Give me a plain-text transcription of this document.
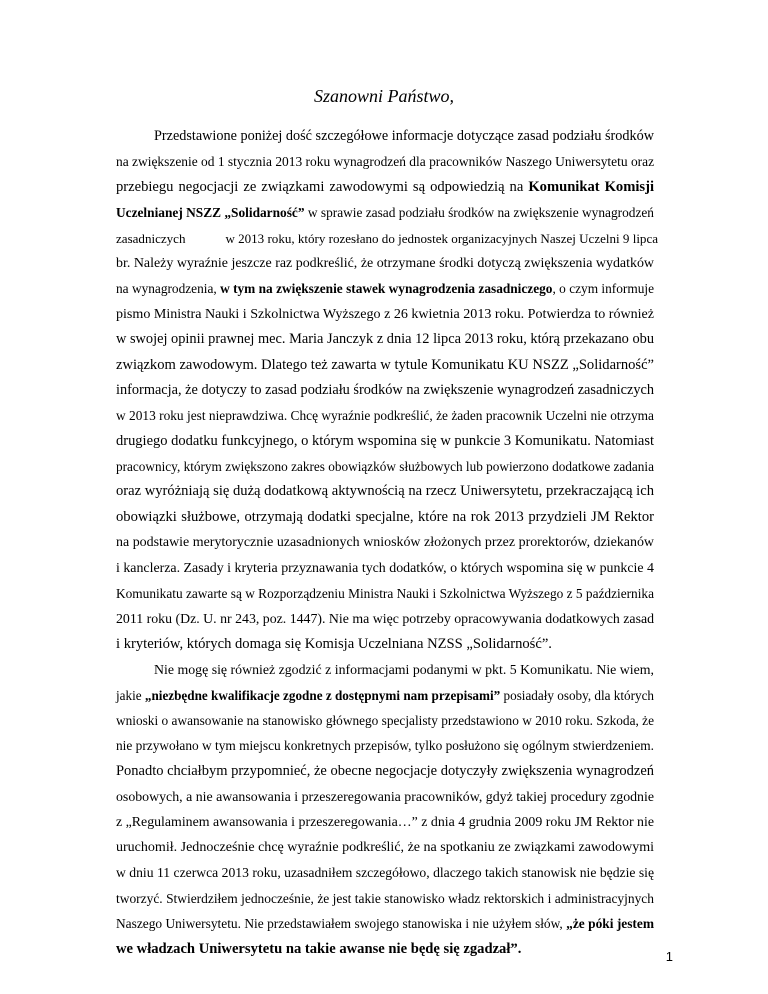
Szanowni Państwo,

Przedstawione poniżej dość szczegółowe informacje dotyczące zasad podziału środków
na zwiększenie od 1 stycznia 2013 roku wynagrodzeń dla pracowników Naszego Uniwersytetu oraz
przebiegu negocjacji ze związkami zawodowymi są odpowiedzią na Komunikat Komisji
Uczelnianej NSZZ „Solidarność” w sprawie zasad podziału środków na zwiększenie wynagrodzeń
zasadniczych	w 2013 roku, który rozesłano do jednostek organizacyjnych Naszej Uczelni 9 lipca
br. Należy wyraźnie jeszcze raz podkreślić, że otrzymane środki dotyczą zwiększenia wydatków
na wynagrodzenia, w tym na zwiększenie stawek wynagrodzenia zasadniczego, o czym informuje
pismo Ministra Nauki i Szkolnictwa Wyższego z 26 kwietnia 2013 roku. Potwierdza to również
w swojej opinii prawnej mec. Maria Janczyk z dnia 12 lipca 2013 roku, którą przekazano obu
związkom zawodowym. Dlatego też zawarta w tytule Komunikatu KU NSZZ „Solidarność”
informacja, że dotyczy to zasad podziału środków na zwiększenie wynagrodzeń zasadniczych
w 2013 roku jest nieprawdziwa. Chcę wyraźnie podkreślić, że żaden pracownik Uczelni nie otrzyma
drugiego dodatku funkcyjnego, o którym wspomina się w punkcie 3 Komunikatu. Natomiast
pracownicy, którym zwiększono zakres obowiązków służbowych lub powierzono dodatkowe zadania
oraz wyróżniają się dużą dodatkową aktywnością na rzecz Uniwersytetu, przekraczającą ich
obowiązki służbowe, otrzymają dodatki specjalne, które na rok 2013 przydzieli JM Rektor
na podstawie merytorycznie uzasadnionych wniosków złożonych przez prorektorów, dziekanów
i kanclerza. Zasady i kryteria przyznawania tych dodatków, o których wspomina się w punkcie 4
Komunikatu zawarte są w Rozporządzeniu Ministra Nauki i Szkolnictwa Wyższego z 5 października
2011 roku (Dz. U. nr 243, poz. 1447). Nie ma więc potrzeby opracowywania dodatkowych zasad
i kryteriów, których domaga się Komisja Uczelniana NZSS „Solidarność”.

Nie mogę się również zgodzić z informacjami podanymi w pkt. 5 Komunikatu. Nie wiem,
jakie „niezbędne kwalifikacje zgodne z dostępnymi nam przepisami” posiadały osoby, dla których
wnioski o awansowanie na stanowisko głównego specjalisty przedstawiono w 2010 roku. Szkoda, że
nie przywołano w tym miejscu konkretnych przepisów, tylko posłużono się ogólnym stwierdzeniem.
Ponadto chciałbym przypomnieć, że obecne negocjacje dotyczyły zwiększenia wynagrodzeń
osobowych, a nie awansowania i przeszeregowania pracowników, gdyż takiej procedury zgodnie
z „Regulaminem awansowania i przeszeregowania…” z dnia 4 grudnia 2009 roku JM Rektor nie
uruchomił. Jednocześnie chcę wyraźnie podkreślić, że na spotkaniu ze związkami zawodowymi
w dniu 11 czerwca 2013 roku, uzasadniłem szczegółowo, dlaczego takich stanowisk nie będzie się
tworzyć. Stwierdziłem jednocześnie, że jest takie stanowisko władz rektorskich i administracyjnych
Naszego Uniwersytetu. Nie przedstawiałem swojego stanowiska i nie użyłem słów, „że póki jestem
we władzach Uniwersytetu na takie awanse nie będę się zgadzał”.	1
